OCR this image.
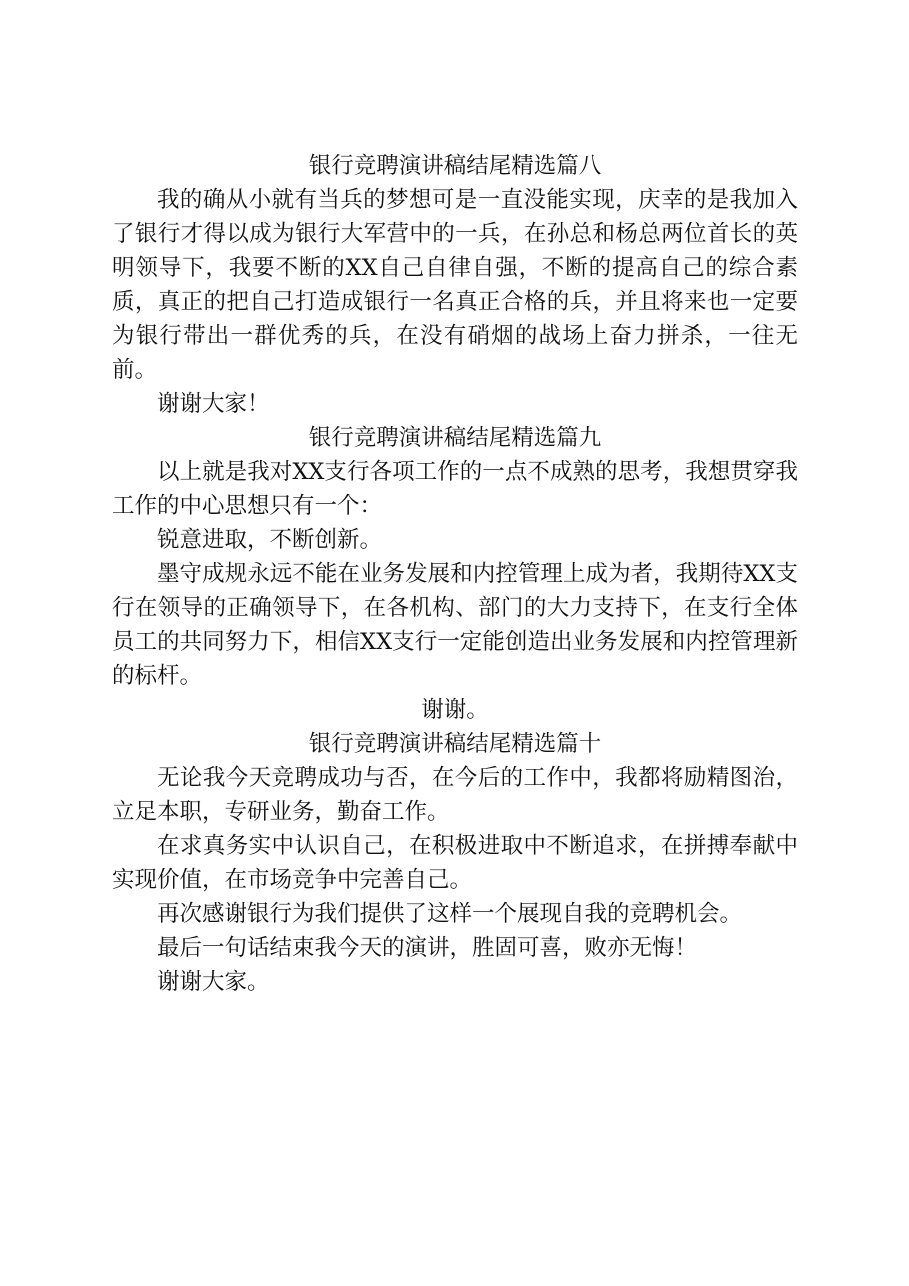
银行竞聘演讲稿结尾精选篇八

我的确从小就有当兵的梦想可是一直没能实现，庆幸的是我加入了银行才得以成为银行大军营中的一兵，在孙总和杨总两位首长的英明领导下，我要不断的XX自己自律自强，不断的提高自己的综合素质，真正的把自己打造成银行一名真正合格的兵，并且将来也一定要为银行带出一群优秀的兵，在没有硝烟的战场上奋力拼杀，一往无前。

谢谢大家！

银行竞聘演讲稿结尾精选篇九

以上就是我对XX支行各项工作的一点不成熟的思考，我想贯穿我工作的中心思想只有一个：

锐意进取，不断创新。

墨守成规永远不能在业务发展和内控管理上成为者，我期待XX支行在领导的正确领导下，在各机构、部门的大力支持下，在支行全体员工的共同努力下，相信XX支行一定能创造出业务发展和内控管理新的标杆。

谢谢。

银行竞聘演讲稿结尾精选篇十

无论我今天竞聘成功与否，在今后的工作中，我都将励精图治，立足本职，专研业务，勤奋工作。

在求真务实中认识自己，在积极进取中不断追求，在拼搏奉献中实现价值，在市场竞争中完善自己。

再次感谢银行为我们提供了这样一个展现自我的竞聘机会。

最后一句话结束我今天的演讲，胜固可喜，败亦无悔！

谢谢大家。
